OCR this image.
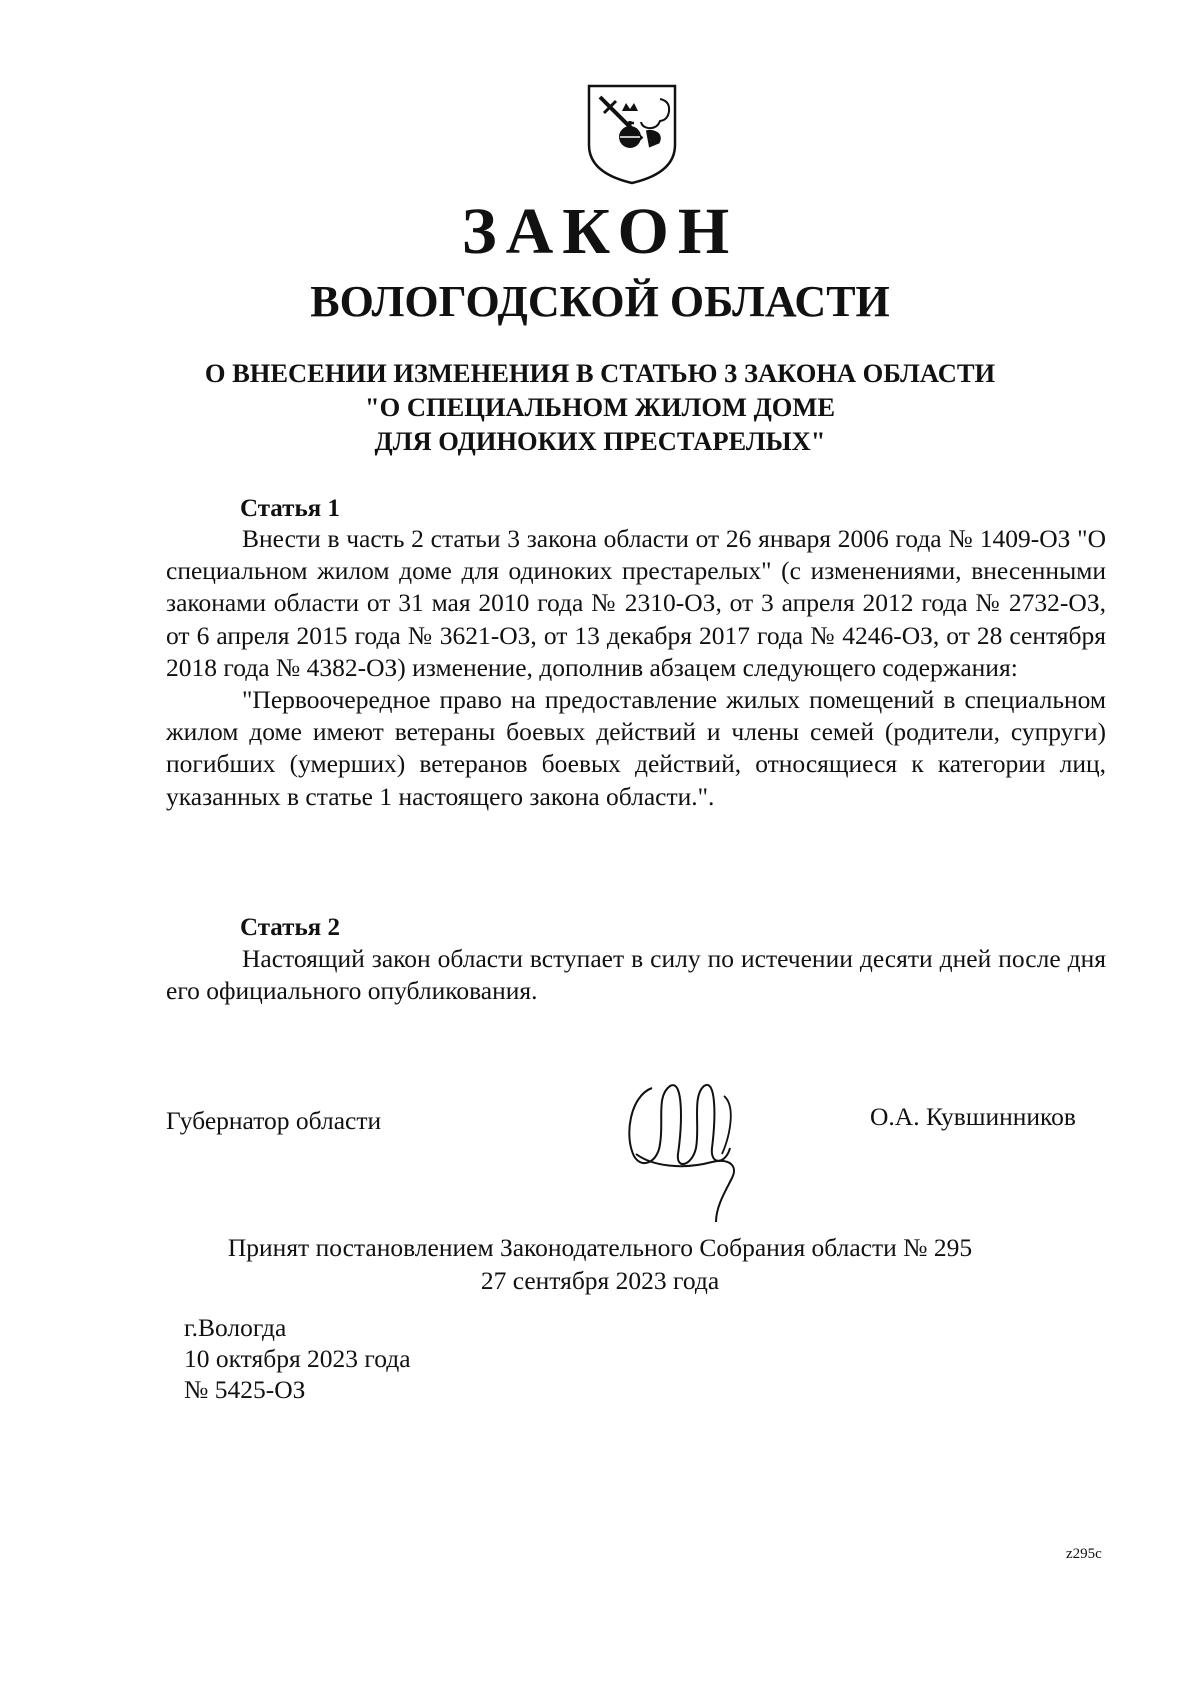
ЗАКОН
ВОЛОГОДСКОЙ ОБЛАСТИ
О ВНЕСЕНИИ ИЗМЕНЕНИЯ В СТАТЬЮ 3 ЗАКОНА ОБЛАСТИ
"О СПЕЦИАЛЬНОМ ЖИЛОМ ДОМЕ
ДЛЯ ОДИНОКИХ ПРЕСТАРЕЛЫХ"
Статья 1

Внести в часть 2 статьи 3 закона области от 26 января 2006 года № 1409-ОЗ "О специальном жилом доме для одиноких престарелых" (с изменениями, внесенными законами области от 31 мая 2010 года № 2310-ОЗ, от 3 апреля 2012 года № 2732-ОЗ, от 6 апреля 2015 года № 3621-ОЗ, от 13 декабря 2017 года № 4246-ОЗ, от 28 сентября 2018 года № 4382-ОЗ) изменение, дополнив абзацем следующего содержания:

"Первоочередное право на предоставление жилых помещений в специальном жилом доме имеют ветераны боевых действий и члены семей (родители, супруги) погибших (умерших) ветеранов боевых действий, относящиеся к категории лиц, указанных в статье 1 настоящего закона области.".

Статья 2

Настоящий закон области вступает в силу по истечении десяти дней после дня его официального опубликования.

Губернатор области	О.А. Кувшинников
Принят постановлением Законодательного Собрания области № 295
27 сентября 2023 года
г.Вологда
10 октября 2023 года
№ 5425-ОЗ
z295c
